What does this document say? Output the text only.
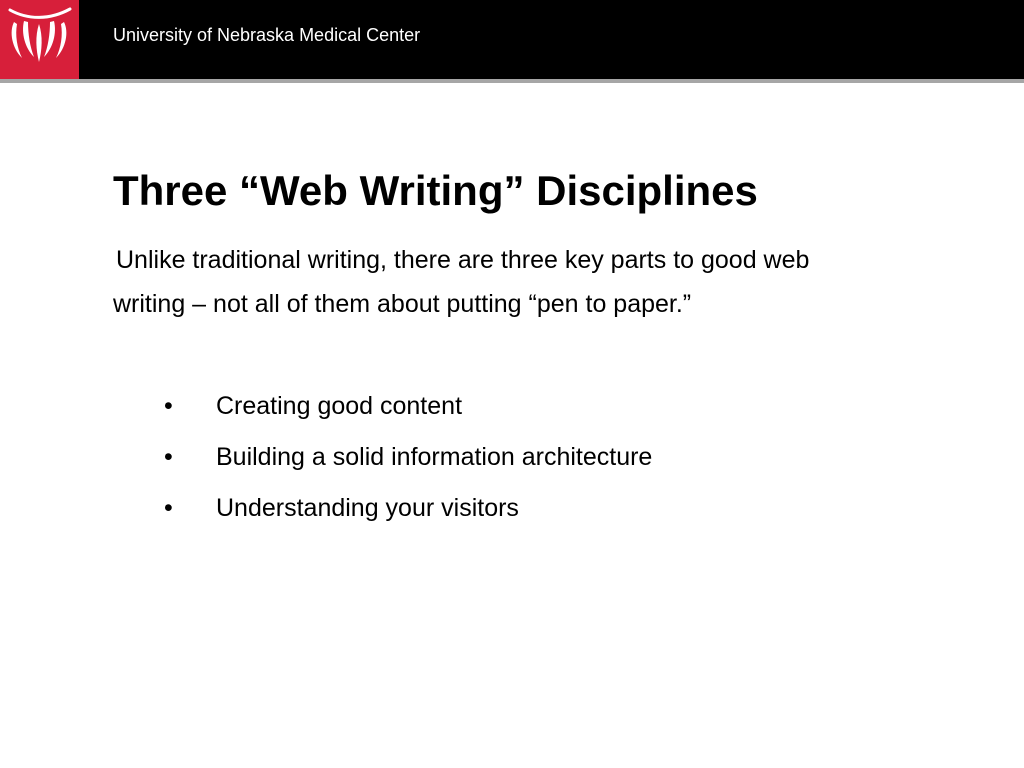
University of Nebraska Medical Center
Three “Web Writing” Disciplines

Unlike traditional writing, there are three key parts to good web
writing – not all of them about putting “pen to paper.”

• Creating good content
• Building a solid information architecture
• Understanding your visitors
